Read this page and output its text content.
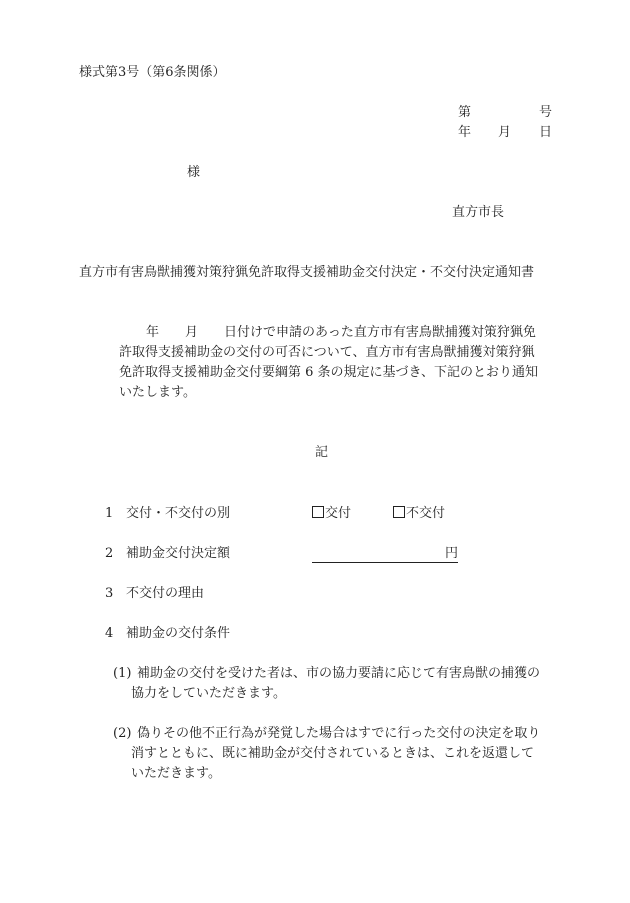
様式第3号（第6条関係）
第	号
年 月 日
様
直方市長
直方市有害鳥獣捕獲対策狩猟免許取得支援補助金交付決定・不交付決定通知書
年　　月　　日付けで申請のあった直方市有害鳥獣捕獲対策狩猟免
許取得支援補助金の交付の可否について、直方市有害鳥獣捕獲対策狩猟
免許取得支援補助金交付要綱第 6 条の規定に基づき、下記のとおり通知
いたします。
記
1 交付・不交付の別	交付	不交付
2 補助金交付決定額	円
3 不交付の理由
4 補助金の交付条件
(1) 補助金の交付を受けた者は、市の協力要請に応じて有害鳥獣の捕獲の
協力をしていただきます。
(2) 偽りその他不正行為が発覚した場合はすでに行った交付の決定を取り
消すとともに、既に補助金が交付されているときは、これを返還して
いただきます。
